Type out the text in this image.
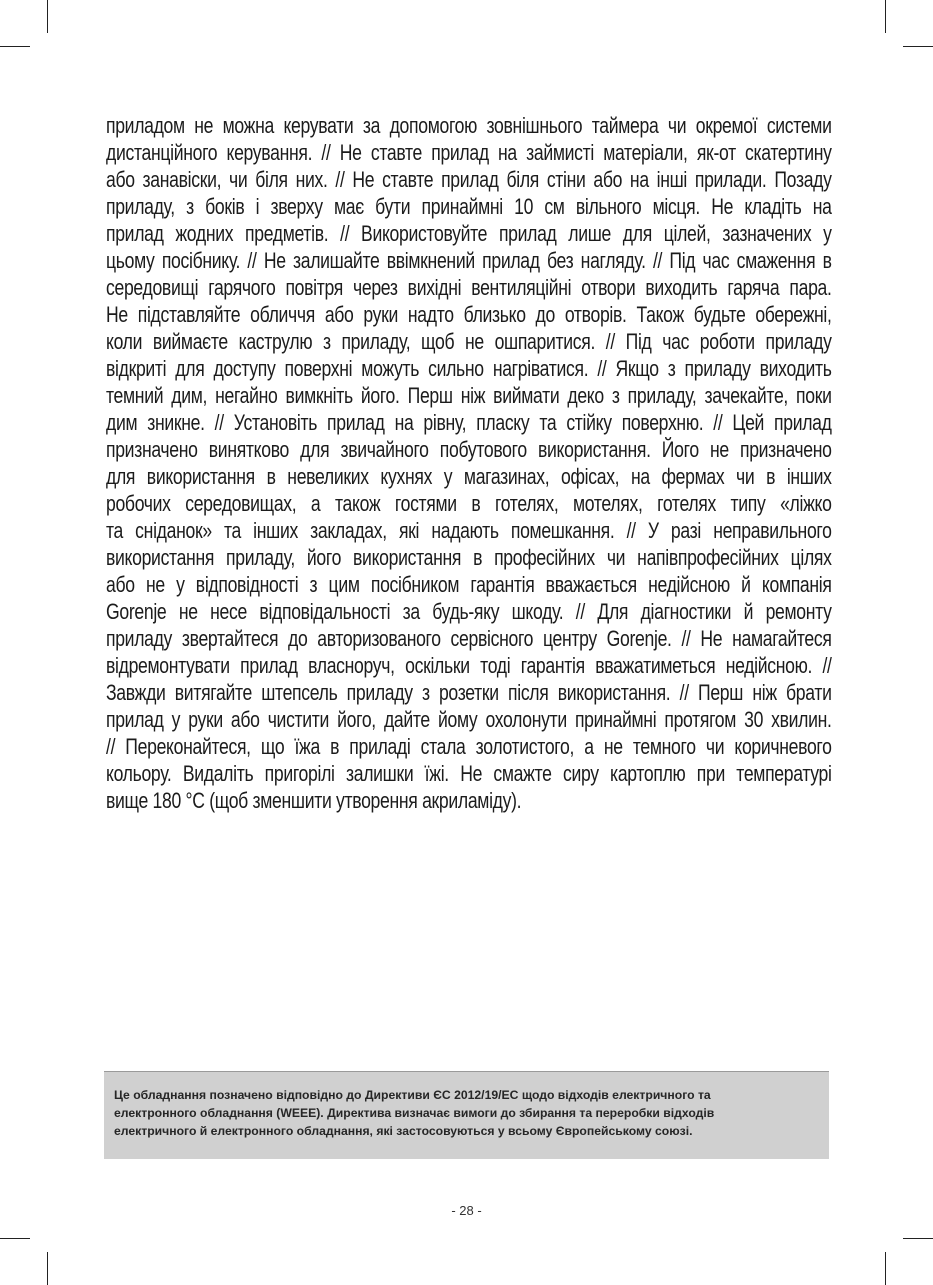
приладом не можна керувати за допомогою зовнішнього таймера чи окремої системи
дистанційного керування. // Не ставте прилад на займисті матеріали, як-от скатертину
або занавіски, чи біля них. // Не ставте прилад біля стіни або на інші прилади. Позаду
приладу, з боків і зверху має бути принаймні 10 см вільного місця. Не кладіть на
прилад жодних предметів. // Використовуйте прилад лише для цілей, зазначених у
цьому посібнику. // Не залишайте ввімкнений прилад без нагляду. // Під час смаження в
середовищі гарячого повітря через вихідні вентиляційні отвори виходить гаряча пара.
Не підставляйте обличчя або руки надто близько до отворів. Також будьте обережні,
коли виймаєте каструлю з приладу, щоб не ошпаритися. // Під час роботи приладу
відкриті для доступу поверхні можуть сильно нагріватися. // Якщо з приладу виходить
темний дим, негайно вимкніть його. Перш ніж виймати деко з приладу, зачекайте, поки
дим зникне. // Установіть прилад на рівну, пласку та стійку поверхню. // Цей прилад
призначено винятково для звичайного побутового використання. Його не призначено
для використання в невеликих кухнях у магазинах, офісах, на фермах чи в інших
робочих середовищах, а також гостями в готелях, мотелях, готелях типу «ліжко
та сніданок» та інших закладах, які надають помешкання. // У разі неправильного
використання приладу, його використання в професійних чи напівпрофесійних цілях
або не у відповідності з цим посібником гарантія вважається недійсною й компанія
Gorenje не несе відповідальності за будь-яку шкоду. // Для діагностики й ремонту
приладу звертайтеся до авторизованого сервісного центру Gorenje. // Не намагайтеся
відремонтувати прилад власноруч, оскільки тоді гарантія вважатиметься недійсною. //
Завжди витягайте штепсель приладу з розетки після використання. // Перш ніж брати
прилад у руки або чистити його, дайте йому охолонути принаймні протягом 30 хвилин.
// Переконайтеся, що їжа в приладі стала золотистого, а не темного чи коричневого
кольору. Видаліть пригорілі залишки їжі. Не смажте сиру картоплю при температурі
вище 180 °C (щоб зменшити утворення акриламіду).
Це обладнання позначено відповідно до Директиви ЄС 2012/19/ЕС щодо відходів електричного та
електронного обладнання (WEEE). Директива визначає вимоги до збирання та переробки відходів
електричного й електронного обладнання, які застосовуються у всьому Європейському союзі.
- 28 -
